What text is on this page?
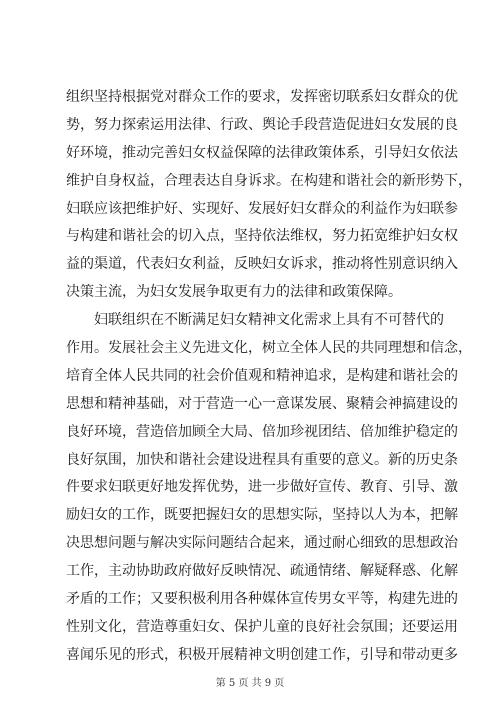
组织坚持根据党对群众工作的要求，发挥密切联系妇女群众的优
势，努力探索运用法律、行政、舆论手段营造促进妇女发展的良
好环境，推动完善妇女权益保障的法律政策体系，引导妇女依法
维护自身权益，合理表达自身诉求。在构建和谐社会的新形势下，
妇联应该把维护好、实现好、发展好妇女群众的利益作为妇联参
与构建和谐社会的切入点，坚持依法维权，努力拓宽维护妇女权
益的渠道，代表妇女利益，反映妇女诉求，推动将性别意识纳入
决策主流，为妇女发展争取更有力的法律和政策保障。
　　妇联组织在不断满足妇女精神文化需求上具有不可替代的
作用。发展社会主义先进文化，树立全体人民的共同理想和信念，
培育全体人民共同的社会价值观和精神追求，是构建和谐社会的
思想和精神基础，对于营造一心一意谋发展、聚精会神搞建设的
良好环境，营造倍加顾全大局、倍加珍视团结、倍加维护稳定的
良好氛围，加快和谐社会建设进程具有重要的意义。新的历史条
件要求妇联更好地发挥优势，进一步做好宣传、教育、引导、激
励妇女的工作，既要把握妇女的思想实际，坚持以人为本，把解
决思想问题与解决实际问题结合起来，通过耐心细致的思想政治
工作，主动协助政府做好反映情况、疏通情绪、解疑释惑、化解
矛盾的工作；又要积极利用各种媒体宣传男女平等，构建先进的
性别文化，营造尊重妇女、保护儿童的良好社会氛围；还要运用
喜闻乐见的形式，积极开展精神文明创建工作，引导和带动更多
第 5 页 共 9 页
